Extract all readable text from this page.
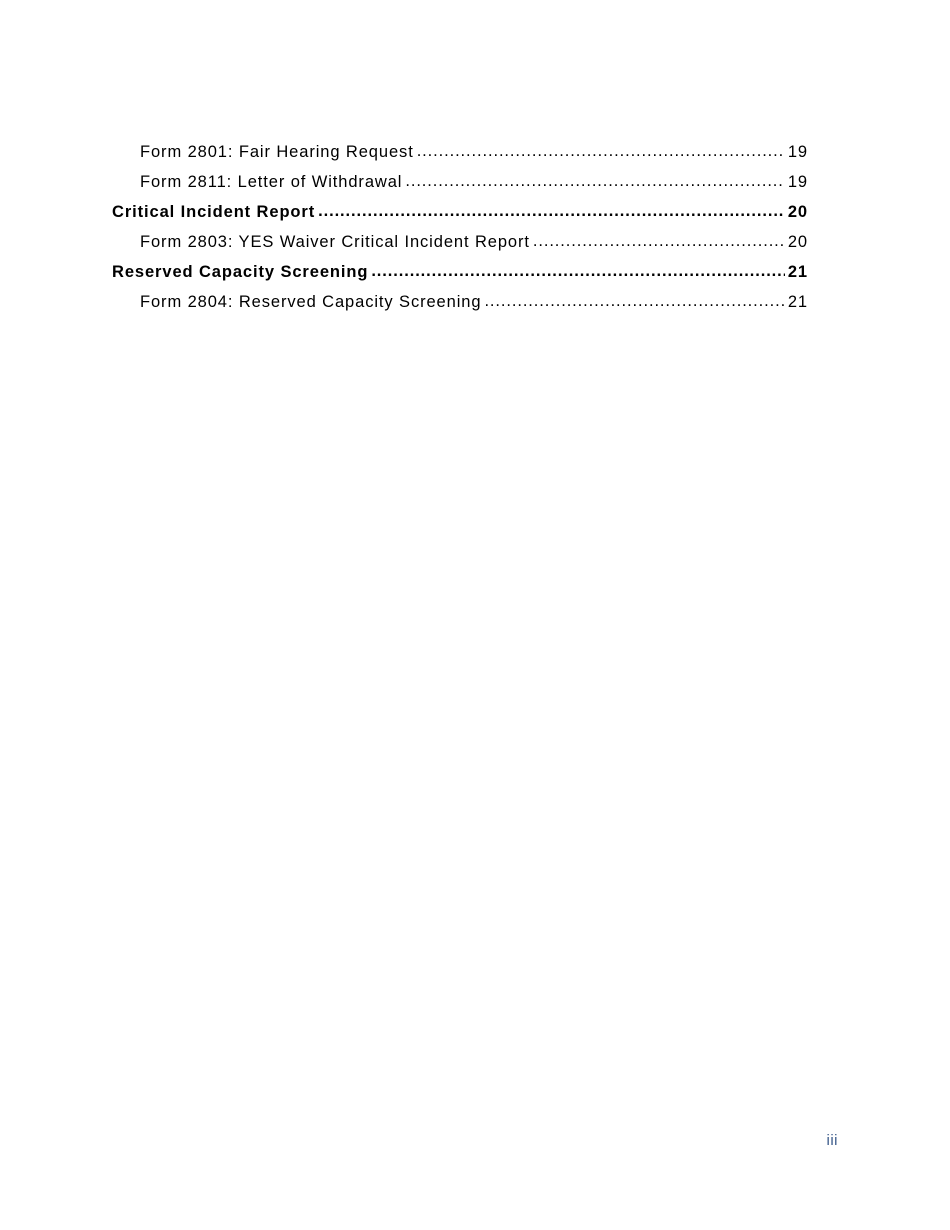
Form 2801: Fair Hearing Request .....	19
Form 2811: Letter of Withdrawal .....	19
Critical Incident Report .....	20
Form 2803: YES Waiver Critical Incident Report .....	20
Reserved Capacity Screening .....	21
Form 2804: Reserved Capacity Screening .....	21
iii
